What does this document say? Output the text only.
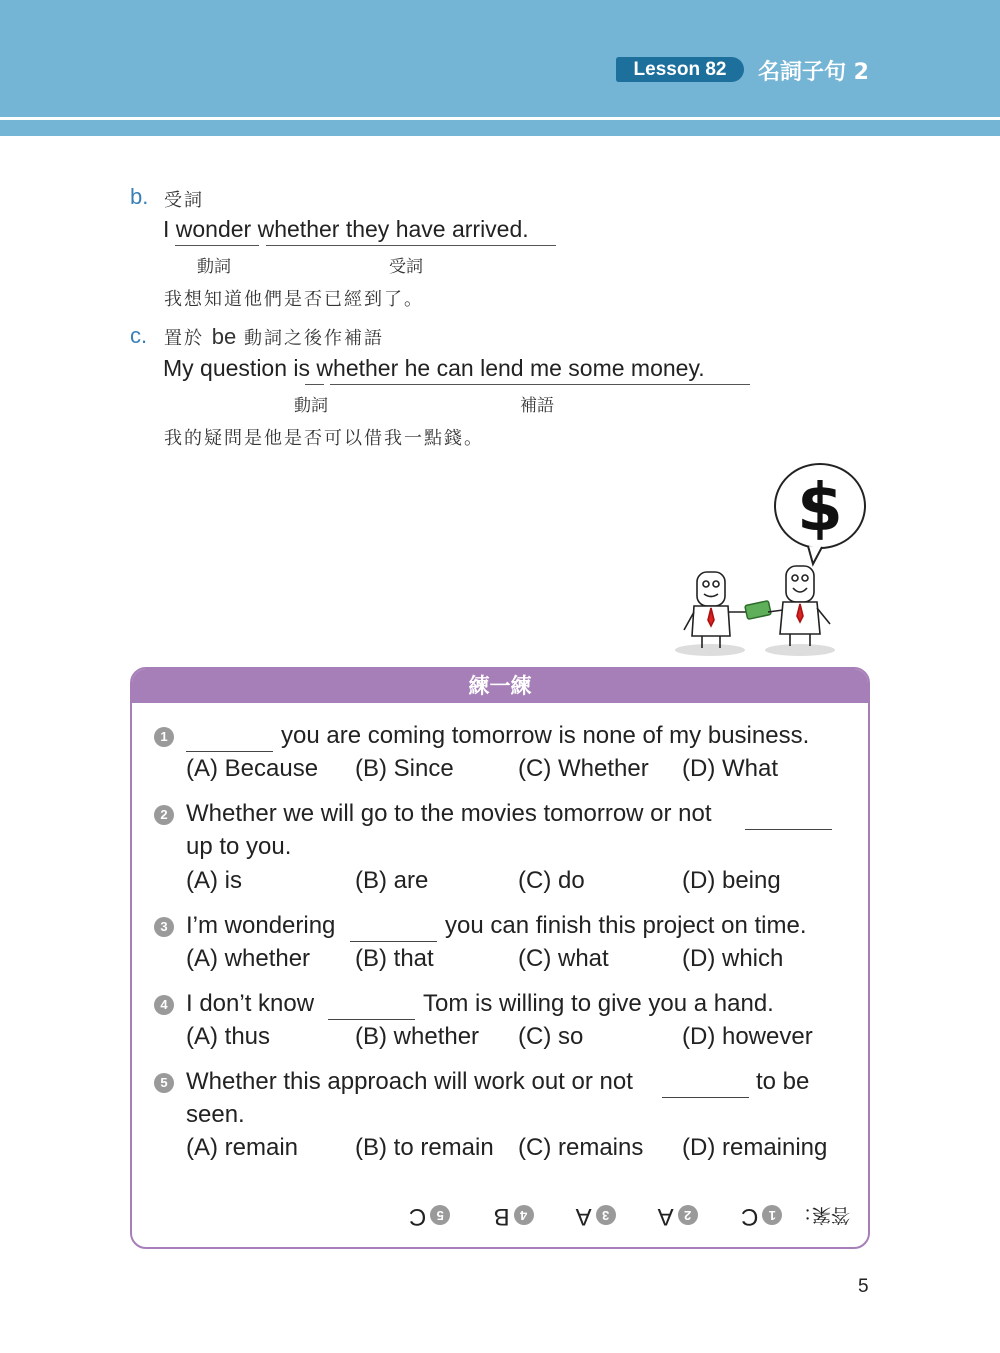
Lesson 82	名詞子句 2
b. 受詞
I wonder whether they have arrived.
動詞	受詞
我想知道他們是否已經到了。
c. 置於 be 動詞之後作補語
My question is whether he can lend me some money.
動詞	補語
我的疑問是他是否可以借我一點錢。
$
練一練
1	you are coming tomorrow is none of my business.
(A) Because (B) Since	(C) Whether (D) What
2 Whether we will go to the movies tomorrow or not
up to you.
(A) is	(B) are	(C) do	(D) being
3 I’m wondering	you can finish this project on time.
(A) whether (B) that	(C) what	(D) which
4 I don’t know	Tom is willing to give you a hand.
(A) thus	(B) whether (C) so	(D) however
5 Whether this approach will work out or not	to be
seen.
(A) remain (B) to remain (C) remains (D) remaining
答案： 1C  2A  3A  4B  5C
5
